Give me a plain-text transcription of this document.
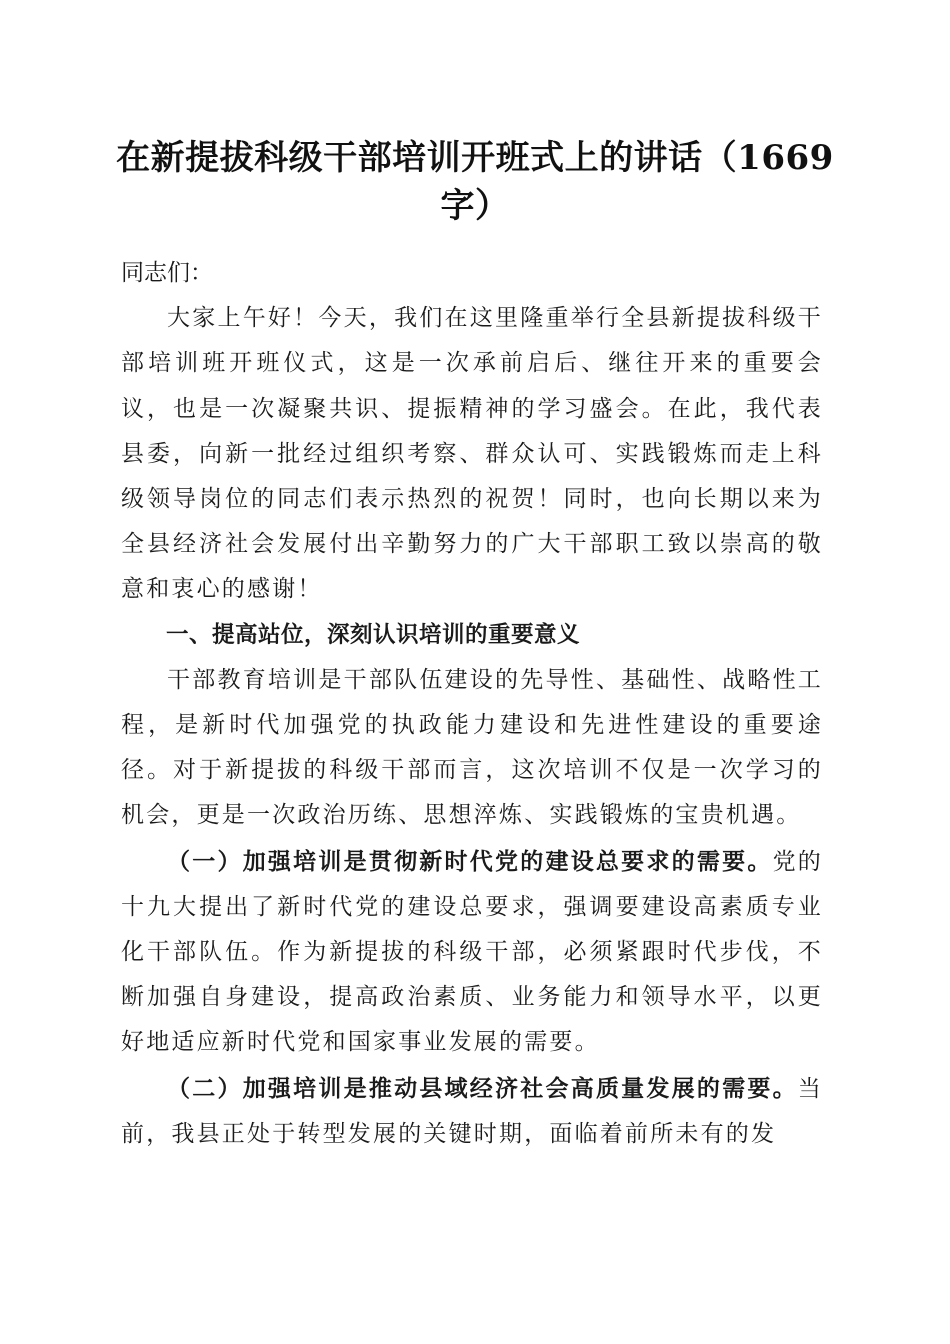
在新提拔科级干部培训开班式上的讲话（1669字）

同志们：

大家上午好！今天，我们在这里隆重举行全县新提拔科级干部培训班开班仪式，这是一次承前启后、继往开来的重要会议，也是一次凝聚共识、提振精神的学习盛会。在此，我代表县委，向新一批经过组织考察、群众认可、实践锻炼而走上科级领导岗位的同志们表示热烈的祝贺！同时，也向长期以来为全县经济社会发展付出辛勤努力的广大干部职工致以崇高的敬意和衷心的感谢！

一、提高站位，深刻认识培训的重要意义

干部教育培训是干部队伍建设的先导性、基础性、战略性工程，是新时代加强党的执政能力建设和先进性建设的重要途径。对于新提拔的科级干部而言，这次培训不仅是一次学习的机会，更是一次政治历练、思想淬炼、实践锻炼的宝贵机遇。

（一）加强培训是贯彻新时代党的建设总要求的需要。党的十九大提出了新时代党的建设总要求，强调要建设高素质专业化干部队伍。作为新提拔的科级干部，必须紧跟时代步伐，不断加强自身建设，提高政治素质、业务能力和领导水平，以更好地适应新时代党和国家事业发展的需要。

（二）加强培训是推动县域经济社会高质量发展的需要。当前，我县正处于转型发展的关键时期，面临着前所未有的发
